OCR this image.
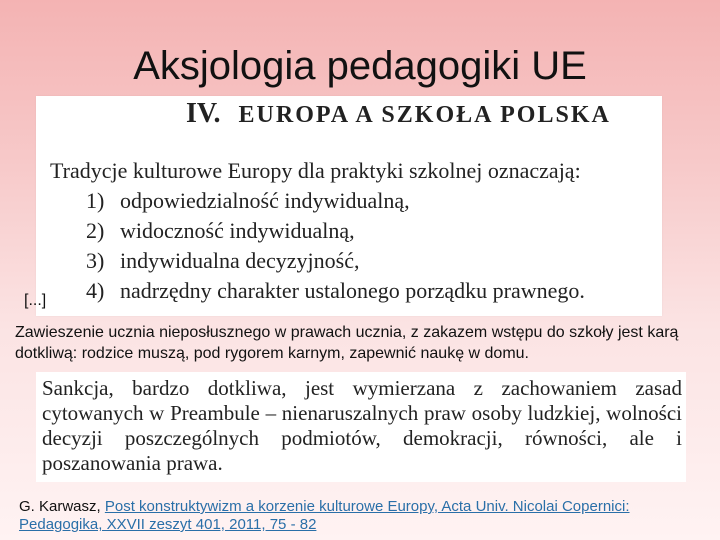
Aksjologia pedagogiki UE
IV. EUROPA A SZKOŁA POLSKA
Tradycje kulturowe Europy dla praktyki szkolnej oznaczają:
1) odpowiedzialność indywidualną,
2) widoczność indywidualną,
3) indywidualna decyzyjność,
4) nadrzędny charakter ustalonego porządku prawnego.
[...]
Zawieszenie ucznia nieposłusznego w prawach ucznia, z zakazem wstępu do szkoły jest karą dotkliwą: rodzice muszą, pod rygorem karnym, zapewnić naukę w domu.

Sankcja, bardzo dotkliwa, jest wymierzana z zachowaniem zasad cytowanych w Preambule – nienaruszalnych praw osoby ludzkiej, wolności decyzji poszczególnych podmiotów, demokracji, równości, ale i poszanowania prawa.

G. Karwasz, Post konstruktywizm a korzenie kulturowe Europy, Acta Univ. Nicolai Copernici: Pedagogika, XXVII zeszyt 401, 2011, 75 - 82
